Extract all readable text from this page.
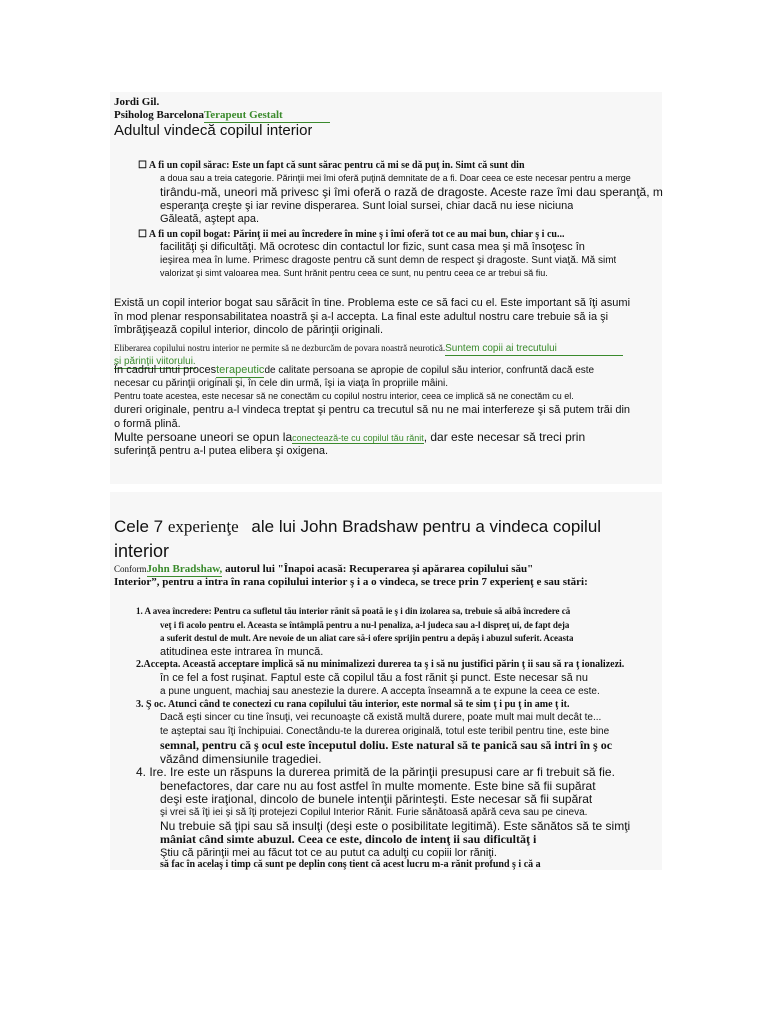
Jordi Gil.
Psiholog BarcelonaTerapeut Gestalt
Adultul vindecă copilul interior
☐ A fi un copil sărac: Este un fapt că sunt sărac pentru că mi se dă puţ in. Simt că sunt din
a doua sau a treia categorie. Părinţii mei îmi oferă puţină demnitate de a fi. Doar ceea ce este necesar pentru a merge
tirându-mă, uneori mă privesc şi îmi oferă o rază de dragoste. Aceste raze îmi dau speranţă, m
esperanţa creşte şi iar revine disperarea. Sunt loial sursei, chiar dacă nu iese niciuna
Găleată, aştept apa.
☐ A fi un copil bogat: Părinţ ii mei au încredere în mine ş i îmi oferă tot ce au mai bun, chiar ş i cu...
facilităţi şi dificultăţi. Mă ocrotesc din contactul lor fizic, sunt casa mea şi mă însoţesc în
ieşirea mea în lume. Primesc dragoste pentru că sunt demn de respect şi dragoste. Sunt viaţă. Mă simt
valorizat şi simt valoarea mea. Sunt hrănit pentru ceea ce sunt, nu pentru ceea ce ar trebui să fiu.
Există un copil interior bogat sau sărăcit în tine. Problema este ce să faci cu el. Este important să îţi asumi
în mod plenar responsabilitatea noastră şi a-l accepta. La final este adultul nostru care trebuie să ia şi
îmbrăţişează copilul interior, dincolo de părinţii originali.
Eliberarea copilului nostru interior ne permite să ne dezburcăm de povara noastră neurotică.Suntem copii ai trecutului
şi părinţii viitorului.
În cadrul unui procesterapeuticde calitate persoana se apropie de copilul său interior, confruntă dacă este
necesar cu părinţii originali şi, în cele din urmă, îşi ia viaţa în propriile mâini.
Pentru toate acestea, este necesar să ne conectăm cu copilul nostru interior, ceea ce implică să ne conectăm cu el.
dureri originale, pentru a-l vindeca treptat şi pentru ca trecutul să nu ne mai interfereze şi să putem trăi din
o formă plină.
Multe persoane uneori se opun laconectează-te cu copilul tău rănit, dar este necesar să treci prin
suferinţă pentru a-l putea elibera şi oxigena.
Cele 7 experienţe ale lui John Bradshaw pentru a vindeca copilul
interior
ConformJohn Bradshaw, autorul lui "Înapoi acasă: Recuperarea şi apărarea copilului său"
Interior”, pentru a intra în rana copilului interior ş i a o vindeca, se trece prin 7 experienţ e sau stări:
1. A avea încredere: Pentru ca sufletul tău interior rănit să poată ie ş i din izolarea sa, trebuie să aibă încredere că
veţ i fi acolo pentru el. Aceasta se întâmplă pentru a nu-l penaliza, a-l judeca sau a-l dispreţ ui, de fapt deja
a suferit destul de mult. Are nevoie de un aliat care să-i ofere sprijin pentru a depăş i abuzul suferit. Aceasta
atitudinea este intrarea în muncă.
2.Accepta. Această acceptare implică să nu minimalizezi durerea ta ş i să nu justifici părin ţ ii sau să ra ţ ionalizezi.
în ce fel a fost ruşinat. Faptul este că copilul tău a fost rănit şi punct. Este necesar să nu
a pune unguent, machiaj sau anestezie la durere. A accepta înseamnă a te expune la ceea ce este.
3. Ş oc. Atunci când te conectezi cu rana copilului tău interior, este normal să te sim ţ i pu ţ in ame ţ it.
Dacă eşti sincer cu tine însuţi, vei recunoaşte că există multă durere, poate mult mai mult decât te...
te aşteptai sau îţi închipuiai. Conectându-te la durerea originală, totul este teribil pentru tine, este bine
semnal, pentru că ş ocul este începutul doliu. Este natural să te panică sau să intri în ş oc
văzând dimensiunile tragediei.
4. Ire. Ire este un răspuns la durerea primită de la părinţii presupusi care ar fi trebuit să fie.
benefactores, dar care nu au fost astfel în multe momente. Este bine să fii supărat
deşi este iraţional, dincolo de bunele intenţii părinteşti. Este necesar să fii supărat
şi vrei să îţi iei şi să îţi protejezi Copilul Interior Rănit. Furie sănătoasă apără ceva sau pe cineva.
Nu trebuie să ţipi sau să insulţi (deşi este o posibilitate legitimă). Este sănătos să te simţi
mâniat când simte abuzul. Ceea ce este, dincolo de intenţ ii sau dificultăţ i
Ştiu că părinţii mei au făcut tot ce au putut ca adulţi cu copiii lor răniţi.
să fac în acelaş i timp că sunt pe deplin conş tient că acest lucru m-a rănit profund ş i că a
